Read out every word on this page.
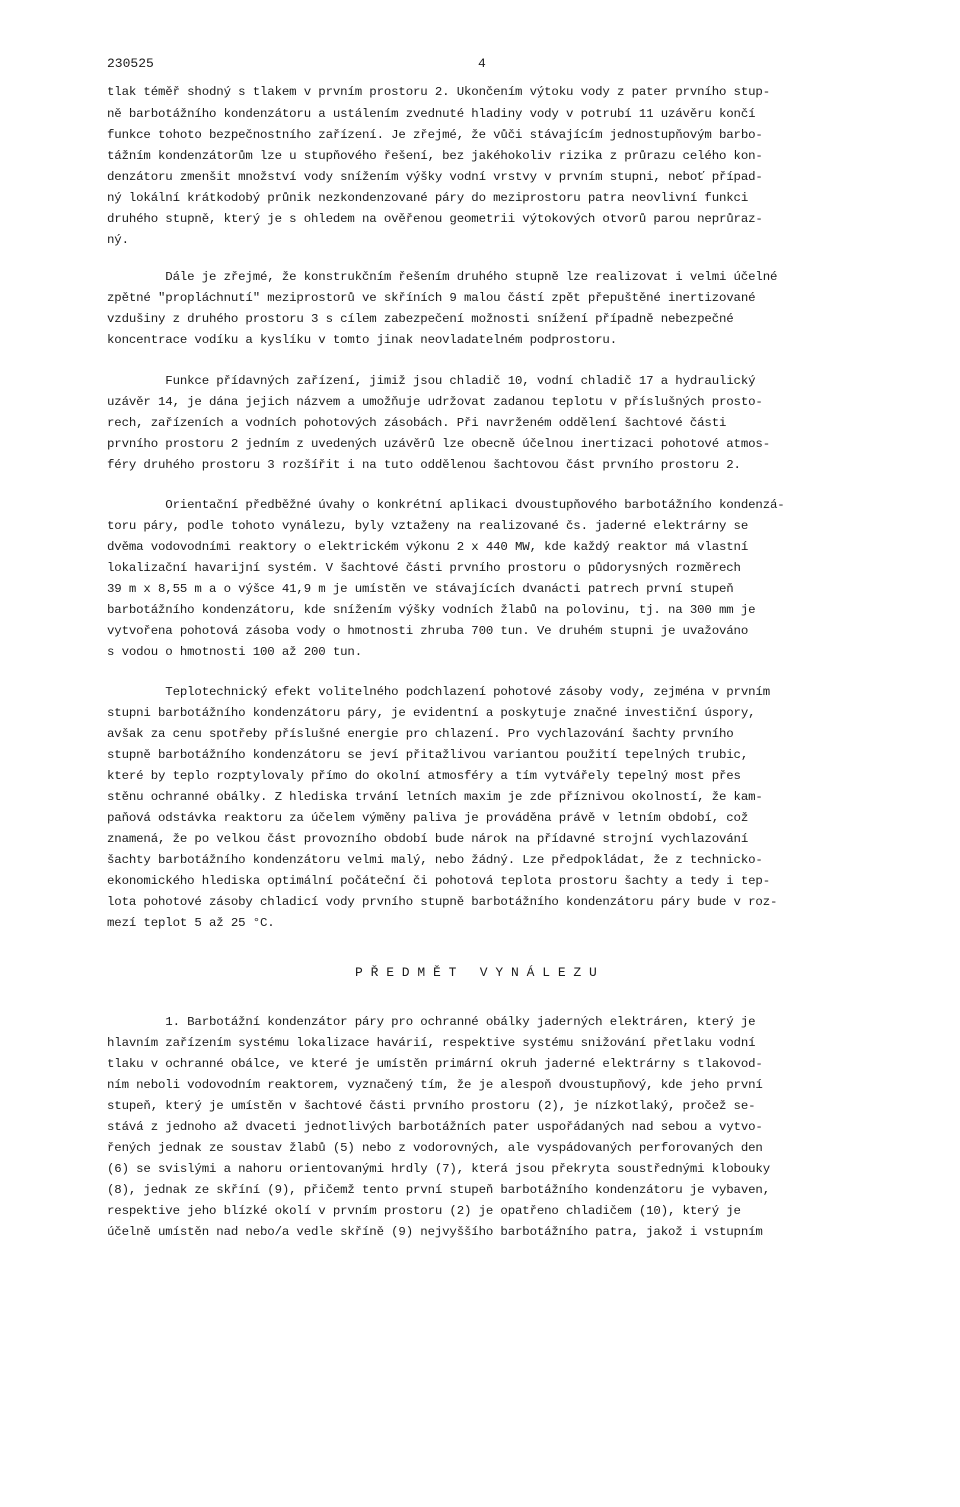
230525	4
tlak téměř shodný s tlakem v prvním prostoru 2. Ukončením výtoku vody z pater prvního stup-
ně barbotážního kondenzátoru a ustálením zvednuté hladiny vody v potrubí 11 uzávěru končí
funkce tohoto bezpečnostního zařízení. Je zřejmé, že vůči stávajícím jednostupňovým barbo-
tážním kondenzátorům lze u stupňového řešení, bez jakéhokoliv rizika z průrazu celého kon-
denzátoru zmenšit množství vody snížením výšky vodní vrstvy v prvním stupni, neboť případ-
ný lokální krátkodobý průnik nezkondenzované páry do meziprostoru patra neovlivní funkci
druhého stupně, který je s ohledem na ověřenou geometrii výtokových otvorů parou neprůraz-
ný.
Dále je zřejmé, že konstrukčním řešením druhého stupně lze realizovat i velmi účelné
zpětné "propláchnutí" meziprostorů ve skříních 9 malou částí zpět přepuštěné inertizované
vzdušiny z druhého prostoru 3 s cílem zabezpečení možnosti snížení případně nebezpečné
koncentrace vodíku a kyslíku v tomto jinak neovladatelném podprostoru.
Funkce přídavných zařízení, jimiž jsou chladič 10, vodní chladič 17 a hydraulický
uzávěr 14, je dána jejich názvem a umožňuje udržovat zadanou teplotu v příslušných prosto-
rech, zařízeních a vodních pohotových zásobách. Při navrženém oddělení šachtové části
prvního prostoru 2 jedním z uvedených uzávěrů lze obecně účelnou inertizaci pohotové atmos-
féry druhého prostoru 3 rozšířit i na tuto oddělenou šachtovou část prvního prostoru 2.
Orientační předběžné úvahy o konkrétní aplikaci dvoustupňového barbotážního kondenzá-
toru páry, podle tohoto vynálezu, byly vztaženy na realizované čs. jaderné elektrárny se
dvěma vodovodními reaktory o elektrickém výkonu 2 x 440 MW, kde každý reaktor má vlastní
lokalizační havarijní systém. V šachtové části prvního prostoru o půdorysných rozměrech
39 m x 8,55 m a o výšce 41,9 m je umístěn ve stávajících dvanácti patrech první stupeň
barbotážního kondenzátoru, kde snížením výšky vodních žlabů na polovinu, tj. na 300 mm je
vytvořena pohotová zásoba vody o hmotnosti zhruba 700 tun. Ve druhém stupni je uvažováno
s vodou o hmotnosti 100 až 200 tun.
Teplotechnický efekt volitelného podchlazení pohotové zásoby vody, zejména v prvním
stupni barbotážního kondenzátoru páry, je evidentní a poskytuje značné investiční úspory,
avšak za cenu spotřeby příslušné energie pro chlazení. Pro vychlazování šachty prvního
stupně barbotážního kondenzátoru se jeví přitažlivou variantou použití tepelných trubic,
které by teplo rozptylovaly přímo do okolní atmosféry a tím vytvářely tepelný most přes
stěnu ochranné obálky. Z hlediska trvání letních maxim je zde příznivou okolností, že kam-
paňová odstávka reaktoru za účelem výměny paliva je prováděna právě v letním období, což
znamená, že po velkou část provozního období bude nárok na přídavné strojní vychlazování
šachty barbotážního kondenzátoru velmi malý, nebo žádný. Lze předpokládat, že z technicko-
ekonomického hlediska optimální počáteční či pohotová teplota prostoru šachty a tedy i tep-
lota pohotové zásoby chladicí vody prvního stupně barbotážního kondenzátoru páry bude v roz-
mezí teplot 5 až 25 °C.
PŘEDMĚT VYNÁLEZU
1. Barbotážní kondenzátor páry pro ochranné obálky jaderných elektráren, který je
hlavním zařízením systému lokalizace havárií, respektive systému snižování přetlaku vodní
tlaku v ochranné obálce, ve které je umístěn primární okruh jaderné elektrárny s tlakovod-
ním neboli vodovodním reaktorem, vyznačený tím, že je alespoň dvoustupňový, kde jeho první
stupeň, který je umístěn v šachtové části prvního prostoru (2), je nízkotlaký, pročež se-
stává z jednoho až dvaceti jednotlivých barbotážních pater uspořádaných nad sebou a vytvo-
řených jednak ze soustav žlabů (5) nebo z vodorovných, ale vyspádovaných perforovaných den
(6) se svislými a nahoru orientovanými hrdly (7), která jsou překryta soustřednými klobouky
(8), jednak ze skříní (9), přičemž tento první stupeň barbotážního kondenzátoru je vybaven,
respektive jeho blízké okolí v prvním prostoru (2) je opatřeno chladičem (10), který je
účelně umístěn nad nebo/a vedle skříně (9) nejvyššího barbotážního patra, jakož i vstupním
